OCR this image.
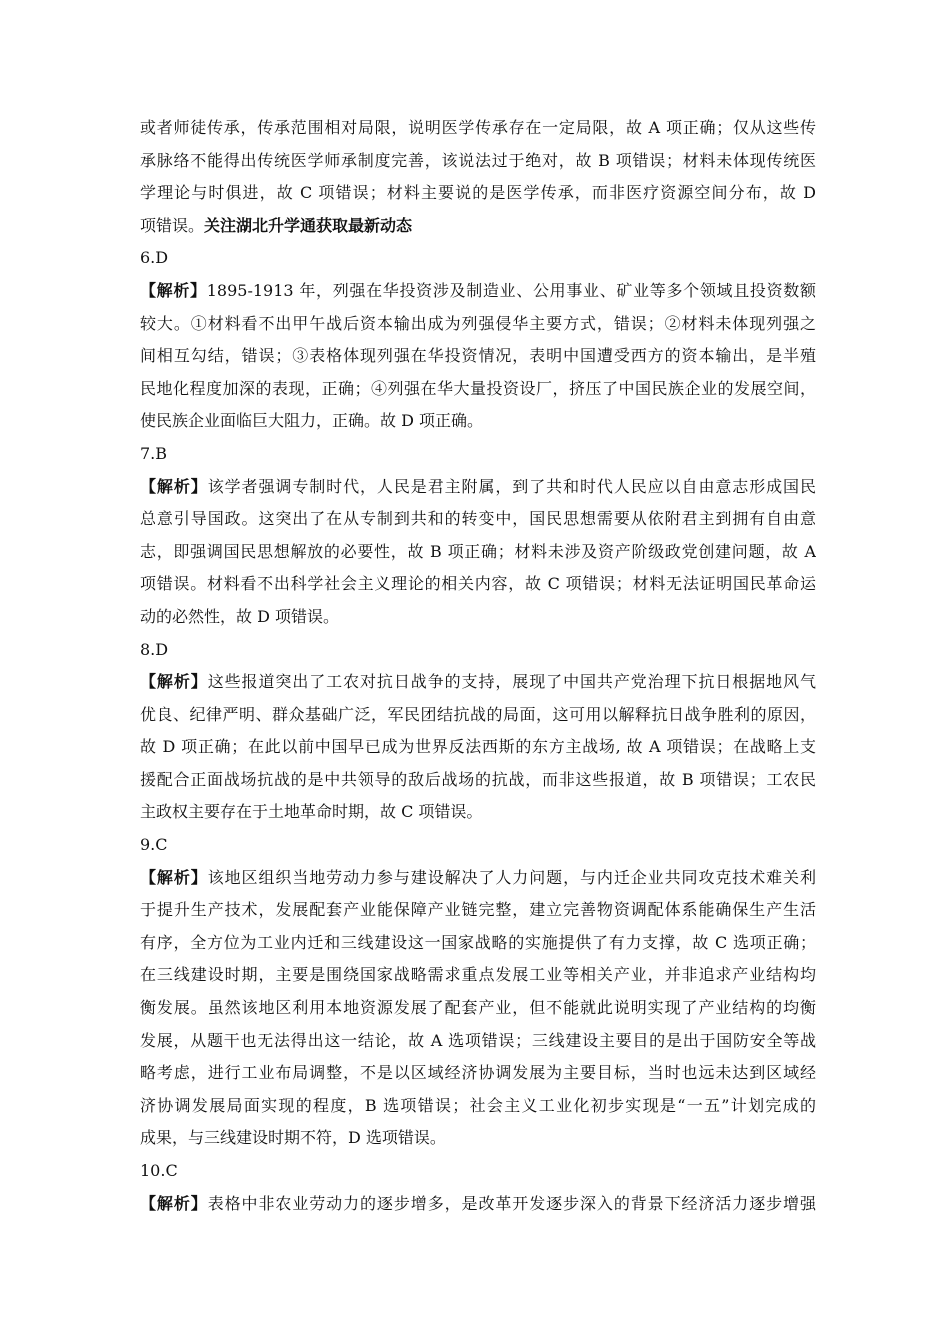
或者师徒传承，传承范围相对局限，说明医学传承存在一定局限，故 A 项正确；仅从这些传
承脉络不能得出传统医学师承制度完善，该说法过于绝对，故 B 项错误；材料未体现传统医
学理论与时俱进，故 C 项错误；材料主要说的是医学传承，而非医疗资源空间分布，故 D
项错误。关注湖北升学通获取最新动态
6.D
【解析】1895-1913 年，列强在华投资涉及制造业、公用事业、矿业等多个领域且投资数额
较大。①材料看不出甲午战后资本输出成为列强侵华主要方式，错误；②材料未体现列强之
间相互勾结，错误；③表格体现列强在华投资情况，表明中国遭受西方的资本输出，是半殖
民地化程度加深的表现，正确；④列强在华大量投资设厂，挤压了中国民族企业的发展空间，
使民族企业面临巨大阻力，正确。故 D 项正确。
7.B
【解析】该学者强调专制时代，人民是君主附属，到了共和时代人民应以自由意志形成国民
总意引导国政。这突出了在从专制到共和的转变中，国民思想需要从依附君主到拥有自由意
志，即强调国民思想解放的必要性，故 B 项正确；材料未涉及资产阶级政党创建问题，故 A
项错误。材料看不出科学社会主义理论的相关内容，故 C 项错误；材料无法证明国民革命运
动的必然性，故 D 项错误。
8.D
【解析】这些报道突出了工农对抗日战争的支持，展现了中国共产党治理下抗日根据地风气
优良、纪律严明、群众基础广泛，军民团结抗战的局面，这可用以解释抗日战争胜利的原因，
故 D 项正确；在此以前中国早已成为世界反法西斯的东方主战场, 故 A 项错误；在战略上支
援配合正面战场抗战的是中共领导的敌后战场的抗战，而非这些报道，故 B 项错误；工农民
主政权主要存在于土地革命时期，故 C 项错误。
9.C
【解析】该地区组织当地劳动力参与建设解决了人力问题，与内迁企业共同攻克技术难关利
于提升生产技术，发展配套产业能保障产业链完整，建立完善物资调配体系能确保生产生活
有序，全方位为工业内迁和三线建设这一国家战略的实施提供了有力支撑，故 C 选项正确；
在三线建设时期，主要是围绕国家战略需求重点发展工业等相关产业，并非追求产业结构均
衡发展。虽然该地区利用本地资源发展了配套产业，但不能就此说明实现了产业结构的均衡
发展，从题干也无法得出这一结论，故 A 选项错误；三线建设主要目的是出于国防安全等战
略考虑，进行工业布局调整，不是以区域经济协调发展为主要目标，当时也远未达到区域经
济协调发展局面实现的程度，B 选项错误；社会主义工业化初步实现是“一五”计划完成的
成果，与三线建设时期不符，D 选项错误。
10.C
【解析】表格中非农业劳动力的逐步增多，是改革开发逐步深入的背景下经济活力逐步增强
